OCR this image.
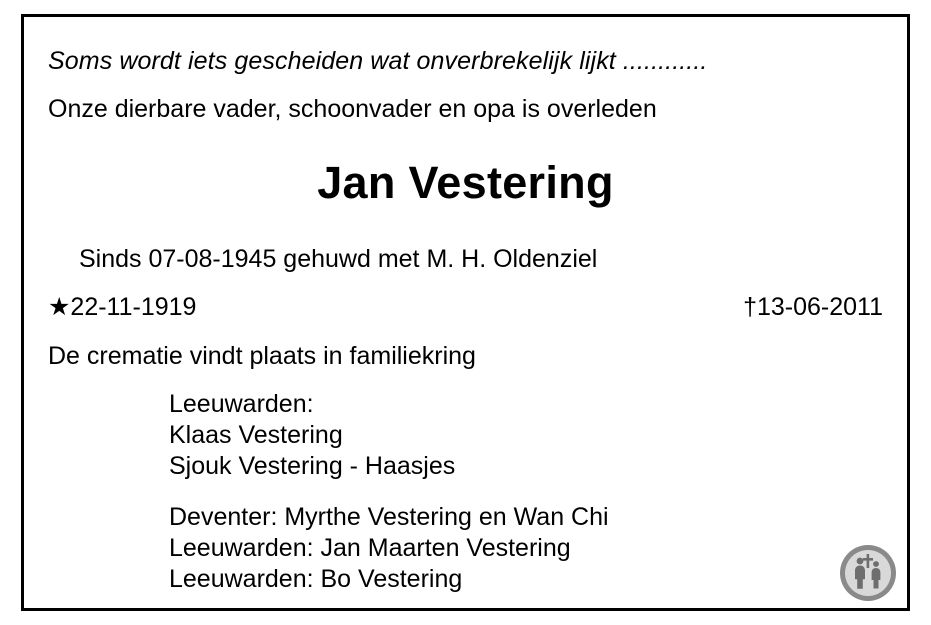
Soms wordt iets gescheiden wat onverbrekelijk lijkt ............
Onze dierbare vader, schoonvader en opa is overleden
Jan Vestering
Sinds 07-08-1945 gehuwd met M. H. Oldenziel
★22-11-1919	†13-06-2011
De crematie vindt plaats in familiekring
Leeuwarden:
Klaas Vestering
Sjouk Vestering - Haasjes
Deventer: Myrthe Vestering en Wan Chi
Leeuwarden: Jan Maarten Vestering
Leeuwarden: Bo Vestering
